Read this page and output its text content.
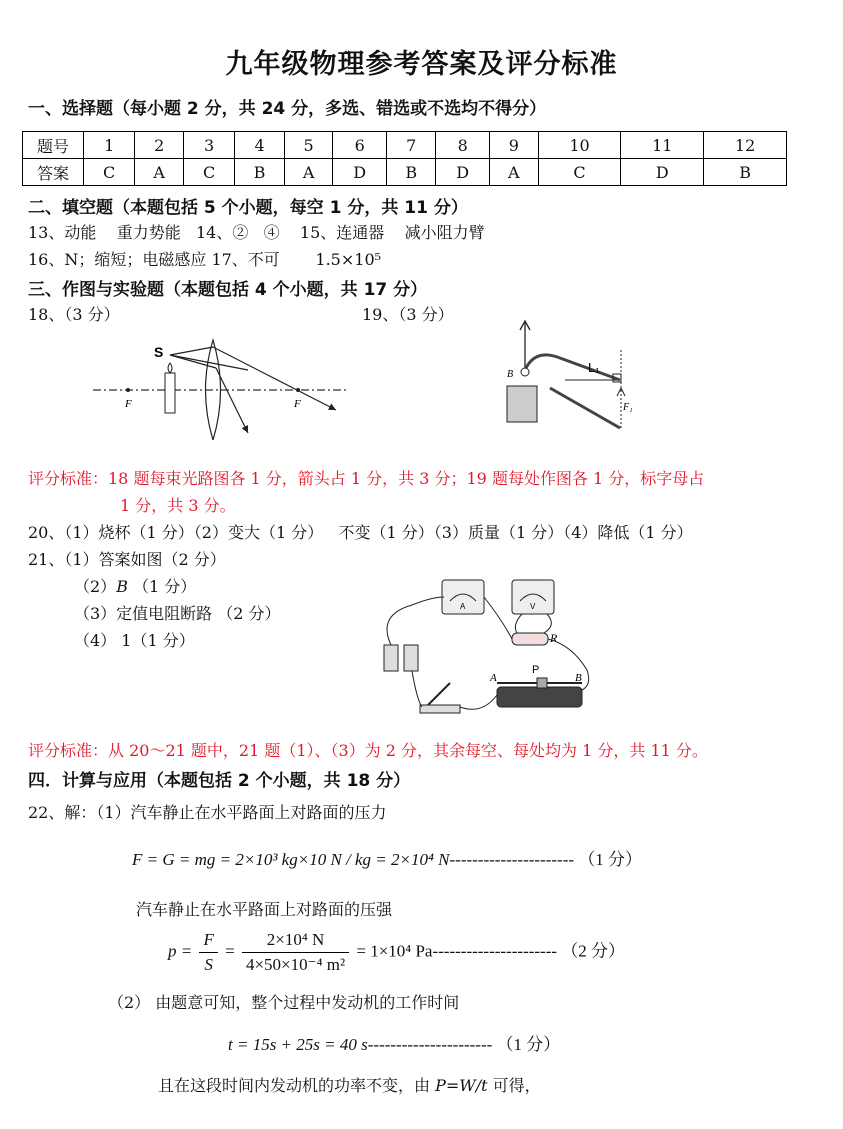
九年级物理参考答案及评分标准
一、选择题（每小题 2 分，共 24 分，多选、错选或不选均不得分）
题号	1	2	3	4	5	6	7	8	9	10	11	12
答案	C	A	C	B	A	D	B	D	A	C	D	B
二、填空题（本题包括 5 个小题，每空 1 分，共 11 分）
13、动能    重力势能   14、②   ④    15、连通器    减小阻力臂
16、N；缩短；电磁感应 17、不可       1.5×10⁵
三、作图与实验题（本题包括 4 个小题，共 17 分）
18、（3 分）	19、（3 分）
S
F	F
B	L₁
F₁
评分标准：18 题每束光路图各 1 分，箭头占 1 分，共 3 分；19 题每处作图各 1 分，标字母占
1 分，共 3 分。
20、（1）烧杯（1 分）（2）变大（1 分）   不变（1 分）（3）质量（1 分）（4）降低（1 分）
21、（1）答案如图（2 分）
（2）B （1 分）
（3）定值电阻断路 （2 分）
（4） 1（1 分）
A	V
R
P
A	B
评分标准：从 20～21 题中，21 题（1）、（3）为 2 分，其余每空、每处均为 1 分，共 11 分。
四．计算与应用（本题包括 2 个小题，共 18 分）
22、解：（1）汽车静止在水平路面上对路面的压力
F = G = mg = 2×10³ kg×10 N / kg = 2×10⁴ N---------------------- （1 分）
汽车静止在水平路面上对路面的压强
$p = \frac{F}{S} = \frac{\text{2×10⁴ N}}{\text{4×50×10⁻⁴ m²}} = 1\times 10^4$ Pa---------------------- （2 分）
（2） 由题意可知，整个过程中发动机的工作时间
t = 15s + 25s = 40 s---------------------- （1 分）
且在这段时间内发动机的功率不变，由 P=W/t 可得，
